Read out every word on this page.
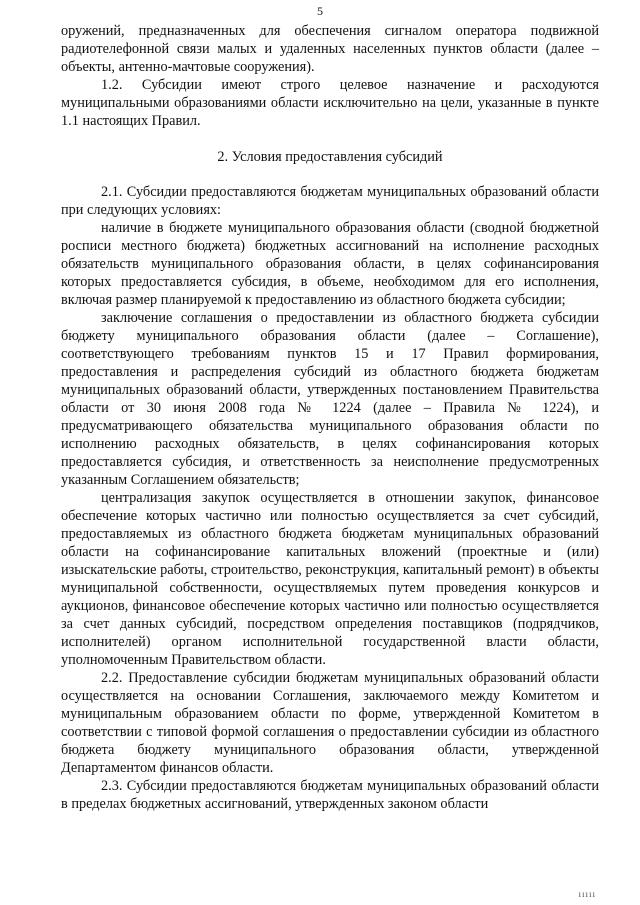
5

оружений, предназначенных для обеспечения сигналом оператора подвижной радиотелефонной связи малых и удаленных населенных пунктов области (далее – объекты, антенно-мачтовые сооружения).

1.2. Субсидии имеют строго целевое назначение и расходуются муниципальными образованиями области исключительно на цели, указанные в пункте 1.1 настоящих Правил.

2. Условия предоставления субсидий

2.1. Субсидии предоставляются бюджетам муниципальных образований области при следующих условиях:

наличие в бюджете муниципального образования области (сводной бюджетной росписи местного бюджета) бюджетных ассигнований на исполнение расходных обязательств муниципального образования области, в целях софинансирования которых предоставляется субсидия, в объеме, необходимом для его исполнения, включая размер планируемой к предоставлению из областного бюджета субсидии;

заключение соглашения о предоставлении из областного бюджета субсидии бюджету муниципального образования области (далее – Соглашение), соответствующего требованиям пунктов 15 и 17 Правил формирования, предоставления и распределения субсидий из областного бюджета бюджетам муниципальных образований области, утвержденных постановлением Правительства области от 30 июня 2008 года № 1224 (далее – Правила № 1224), и предусматривающего обязательства муниципального образования области по исполнению расходных обязательств, в целях софинансирования которых предоставляется субсидия, и ответственность за неисполнение предусмотренных указанным Соглашением обязательств;

централизация закупок осуществляется в отношении закупок, финансовое обеспечение которых частично или полностью осуществляется за счет субсидий, предоставляемых из областного бюджета бюджетам муниципальных образований области на софинансирование капитальных вложений (проектные и (или) изыскательские работы, строительство, реконструкция, капитальный ремонт) в объекты муниципальной собственности, осуществляемых путем проведения конкурсов и аукционов, финансовое обеспечение которых частично или полностью осуществляется за счет данных субсидий, посредством определения поставщиков (подрядчиков, исполнителей) органом исполнительной государственной власти области, уполномоченным Правительством области.

2.2. Предоставление субсидии бюджетам муниципальных образований области осуществляется на основании Соглашения, заключаемого между Комитетом и муниципальным образованием области по форме, утвержденной Комитетом в соответствии с типовой формой соглашения о предоставлении субсидии из областного бюджета бюджету муниципального образования области, утвержденной Департаментом финансов области.

2.3. Субсидии предоставляются бюджетам муниципальных образований области в пределах бюджетных ассигнований, утвержденных законом области

ııııı
